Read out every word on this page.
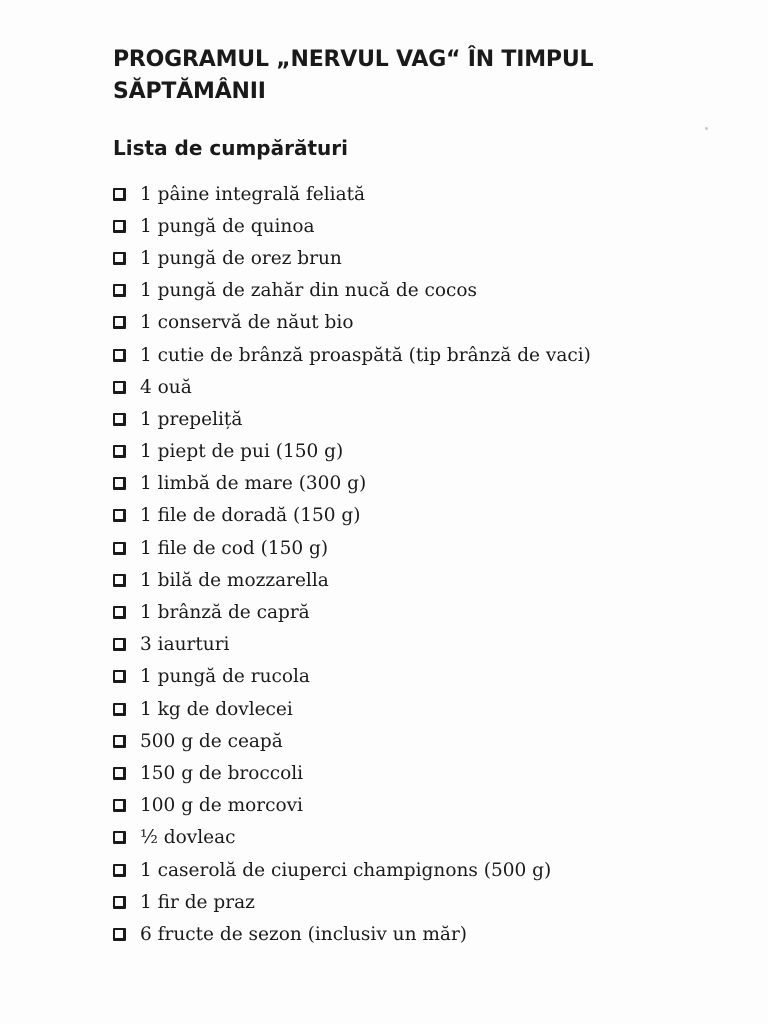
PROGRAMUL „NERVUL VAG“ ÎN TIMPUL SĂPTĂMÂNII
Lista de cumpărături
1 pâine integrală feliată
1 pungă de quinoa
1 pungă de orez brun
1 pungă de zahăr din nucă de cocos
1 conservă de năut bio
1 cutie de brânză proaspătă (tip brânză de vaci)
4 ouă
1 prepeliță
1 piept de pui (150 g)
1 limbă de mare (300 g)
1 file de doradă (150 g)
1 file de cod (150 g)
1 bilă de mozzarella
1 brânză de capră
3 iaurturi
1 pungă de rucola
1 kg de dovlecei
500 g de ceapă
150 g de broccoli
100 g de morcovi
½ dovleac
1 caserolă de ciuperci champignons (500 g)
1 fir de praz
6 fructe de sezon (inclusiv un măr)
